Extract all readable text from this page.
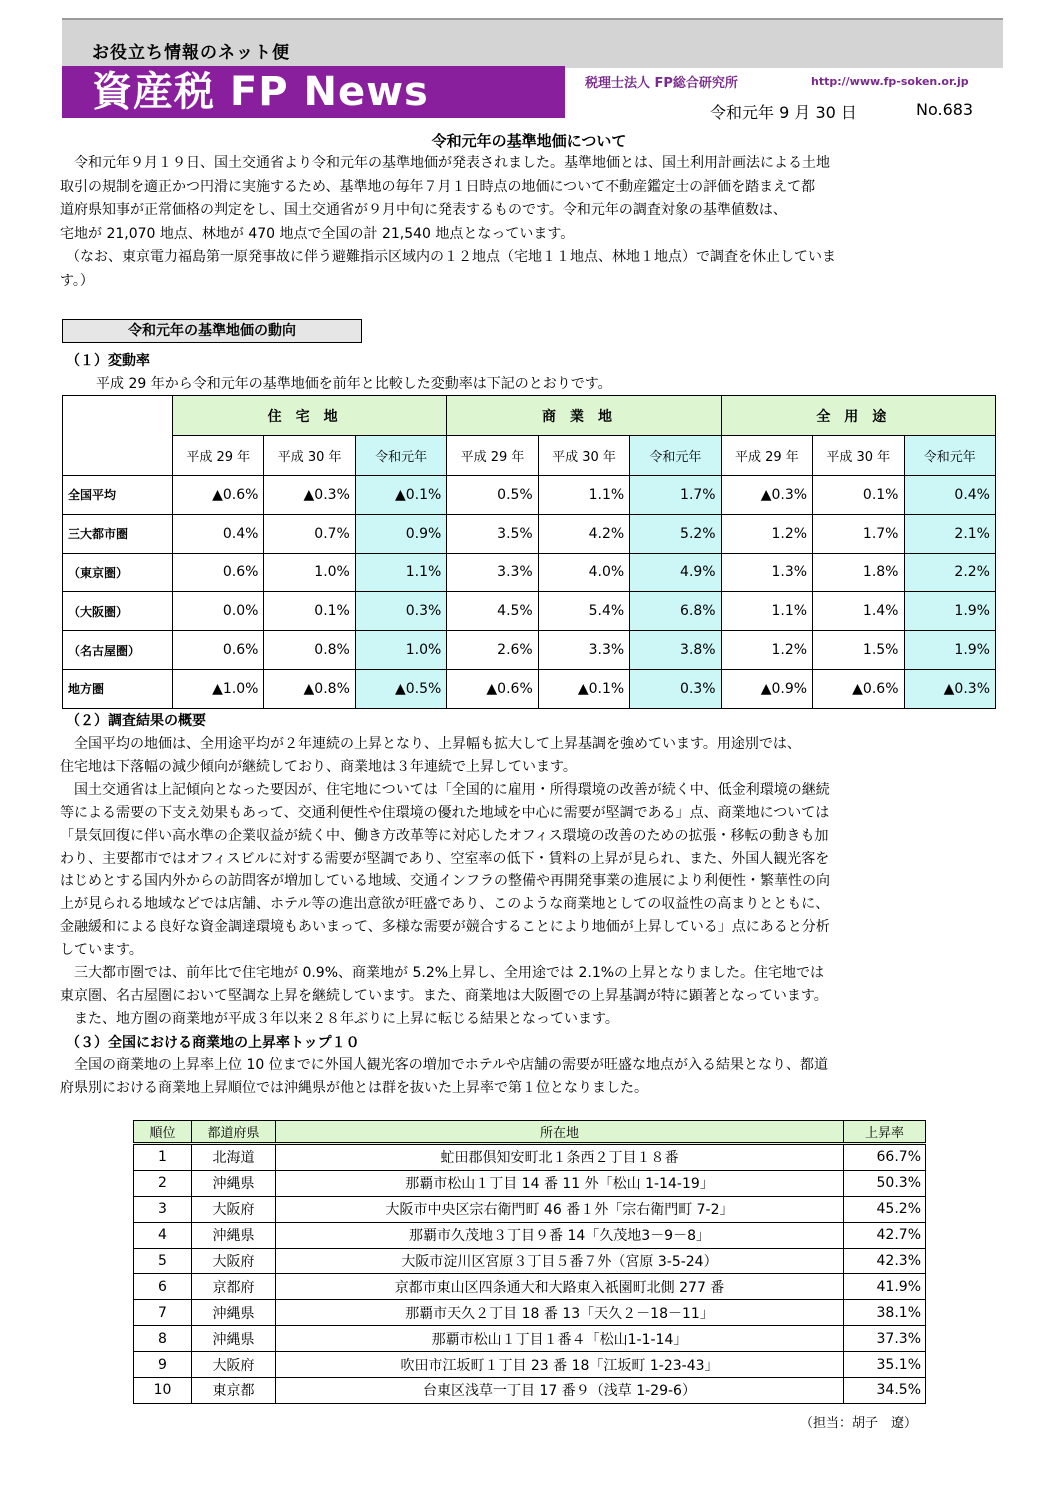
お役立ち情報のネット便
資産税 FP News	税理士法人 FP総合研究所	http://www.fp-soken.or.jp
令和元年 9 月 30 日	No.683
令和元年の基準地価について
令和元年９月１９日、国土交通省より令和元年の基準地価が発表されました。基準地価とは、国土利用計画法による土地
取引の規制を適正かつ円滑に実施するため、基準地の毎年７月１日時点の地価について不動産鑑定士の評価を踏まえて都
道府県知事が正常価格の判定をし、国土交通省が９月中旬に発表するものです。令和元年の調査対象の基準値数は、
宅地が 21,070 地点、林地が 470 地点で全国の計 21,540 地点となっています。
（なお、東京電力福島第一原発事故に伴う避難指示区域内の１２地点（宅地１１地点、林地１地点）で調査を休止していま
す。）
令和元年の基準地価の動向
（１）変動率
平成 29 年から令和元年の基準地価を前年と比較した変動率は下記のとおりです。
	住宅地			商業地			全用途		
	平成 29 年	平成 30 年	令和元年	平成 29 年	平成 30 年	令和元年	平成 29 年	平成 30 年	令和元年
全国平均	▲0.6%	▲0.3%	▲0.1%	0.5%	1.1%	1.7%	▲0.3%	0.1%	0.4%
三大都市圏	0.4%	0.7%	0.9%	3.5%	4.2%	5.2%	1.2%	1.7%	2.1%
（東京圏）	0.6%	1.0%	1.1%	3.3%	4.0%	4.9%	1.3%	1.8%	2.2%
（大阪圏）	0.0%	0.1%	0.3%	4.5%	5.4%	6.8%	1.1%	1.4%	1.9%
（名古屋圏）	0.6%	0.8%	1.0%	2.6%	3.3%	3.8%	1.2%	1.5%	1.9%
地方圏	▲1.0%	▲0.8%	▲0.5%	▲0.6%	▲0.1%	0.3%	▲0.9%	▲0.6%	▲0.3%
（２）調査結果の概要
全国平均の地価は、全用途平均が２年連続の上昇となり、上昇幅も拡大して上昇基調を強めています。用途別では、
住宅地は下落幅の減少傾向が継続しており、商業地は３年連続で上昇しています。
国土交通省は上記傾向となった要因が、住宅地については「全国的に雇用・所得環境の改善が続く中、低金利環境の継続
等による需要の下支え効果もあって、交通利便性や住環境の優れた地域を中心に需要が堅調である」点、商業地については
「景気回復に伴い高水準の企業収益が続く中、働き方改革等に対応したオフィス環境の改善のための拡張・移転の動きも加
わり、主要都市ではオフィスビルに対する需要が堅調であり、空室率の低下・賃料の上昇が見られ、また、外国人観光客を
はじめとする国内外からの訪問客が増加している地域、交通インフラの整備や再開発事業の進展により利便性・繁華性の向
上が見られる地域などでは店舗、ホテル等の進出意欲が旺盛であり、このような商業地としての収益性の高まりとともに、
金融緩和による良好な資金調達環境もあいまって、多様な需要が競合することにより地価が上昇している」点にあると分析
しています。
三大都市圏では、前年比で住宅地が 0.9%、商業地が 5.2%上昇し、全用途では 2.1%の上昇となりました。住宅地では
東京圏、名古屋圏において堅調な上昇を継続しています。また、商業地は大阪圏での上昇基調が特に顕著となっています。
また、地方圏の商業地が平成３年以来２８年ぶりに上昇に転じる結果となっています。
（３）全国における商業地の上昇率トップ１０
全国の商業地の上昇率上位 10 位までに外国人観光客の増加でホテルや店舗の需要が旺盛な地点が入る結果となり、都道
府県別における商業地上昇順位では沖縄県が他とは群を抜いた上昇率で第１位となりました。
順位	都道府県	所在地	上昇率
1	北海道	虻田郡倶知安町北１条西２丁目１８番	66.7%
2	沖縄県	那覇市松山１丁目 14 番 11 外「松山 1-14-19」	50.3%
3	大阪府	大阪市中央区宗右衛門町 46 番１外「宗右衛門町 7-2」	45.2%
4	沖縄県	那覇市久茂地３丁目９番 14「久茂地3－9－8」	42.7%
5	大阪府	大阪市淀川区宮原３丁目５番７外（宮原 3-5-24）	42.3%
6	京都府	京都市東山区四条通大和大路東入祇園町北側 277 番	41.9%
7	沖縄県	那覇市天久２丁目 18 番 13「天久２－18－11」	38.1%
8	沖縄県	那覇市松山１丁目１番４「松山1-1-14」	37.3%
9	大阪府	吹田市江坂町１丁目 23 番 18「江坂町 1-23-43」	35.1%
10	東京都	台東区浅草一丁目 17 番９（浅草 1-29-6）	34.5%
（担当：胡子　遼）
